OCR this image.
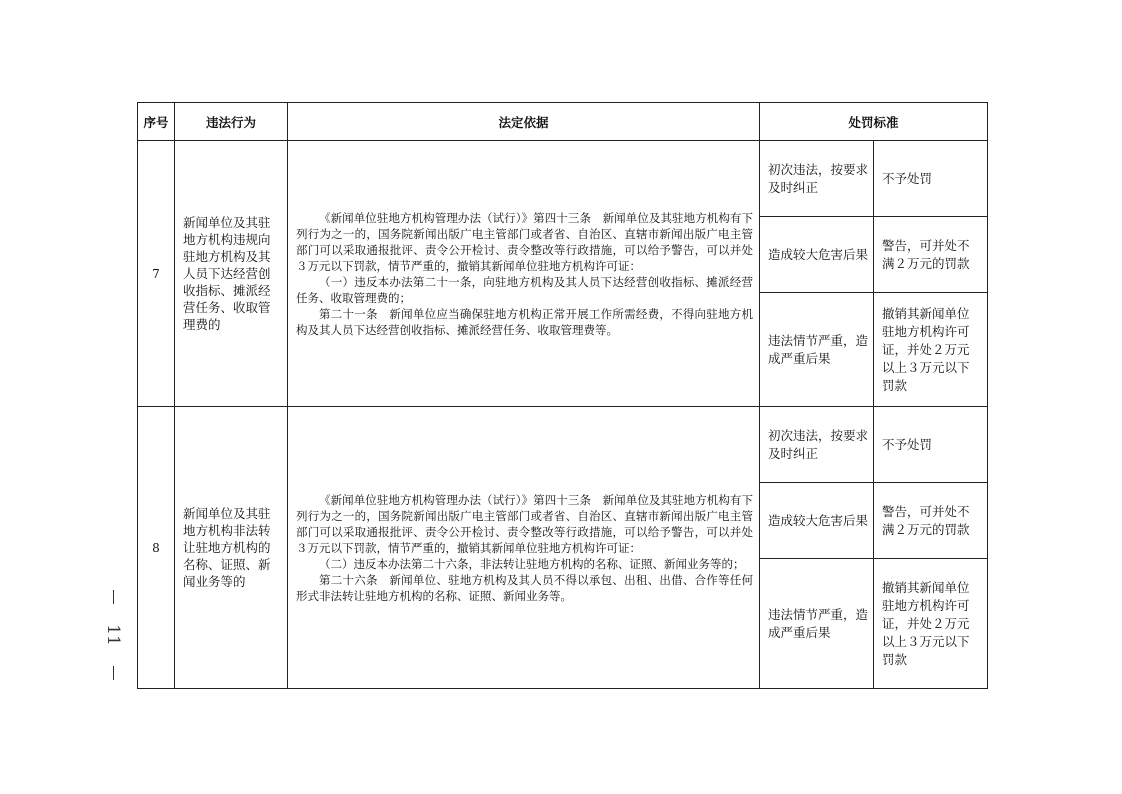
序号	违法行为	法定依据	处罚标准	
7	新闻单位及其驻地方机构违规向驻地方机构及其人员下达经营创收指标、摊派经营任务、收取管理费的	《新闻单位驻地方机构管理办法（试行）》第四十三条　新闻单位及其驻地方机构有下列行为之一的，国务院新闻出版广电主管部门或者省、自治区、直辖市新闻出版广电主管部门可以采取通报批评、责令公开检讨、责令整改等行政措施，可以给予警告，可以并处３万元以下罚款，情节严重的，撤销其新闻单位驻地方机构许可证：

（一）违反本办法第二十一条，向驻地方机构及其人员下达经营创收指标、摊派经营任务、收取管理费的；

第二十一条　新闻单位应当确保驻地方机构正常开展工作所需经费，不得向驻地方机构及其人员下达经营创收指标、摊派经营任务、收取管理费等。	初次违法，按要求及时纠正	不予处罚
			造成较大危害后果	警告，可并处不满２万元的罚款
			违法情节严重，造成严重后果	撤销其新闻单位驻地方机构许可证，并处２万元以上３万元以下罚款
8	新闻单位及其驻地方机构非法转让驻地方机构的名称、证照、新闻业务等的	《新闻单位驻地方机构管理办法（试行）》第四十三条　新闻单位及其驻地方机构有下列行为之一的，国务院新闻出版广电主管部门或者省、自治区、直辖市新闻出版广电主管部门可以采取通报批评、责令公开检讨、责令整改等行政措施，可以给予警告，可以并处３万元以下罚款，情节严重的，撤销其新闻单位驻地方机构许可证：

（二）违反本办法第二十六条，非法转让驻地方机构的名称、证照、新闻业务等的；

第二十六条　新闻单位、驻地方机构及其人员不得以承包、出租、出借、合作等任何形式非法转让驻地方机构的名称、证照、新闻业务等。	初次违法，按要求及时纠正	不予处罚
			造成较大危害后果	警告，可并处不满２万元的罚款
			违法情节严重，造成严重后果	撤销其新闻单位驻地方机构许可证，并处２万元以上３万元以下罚款
11
